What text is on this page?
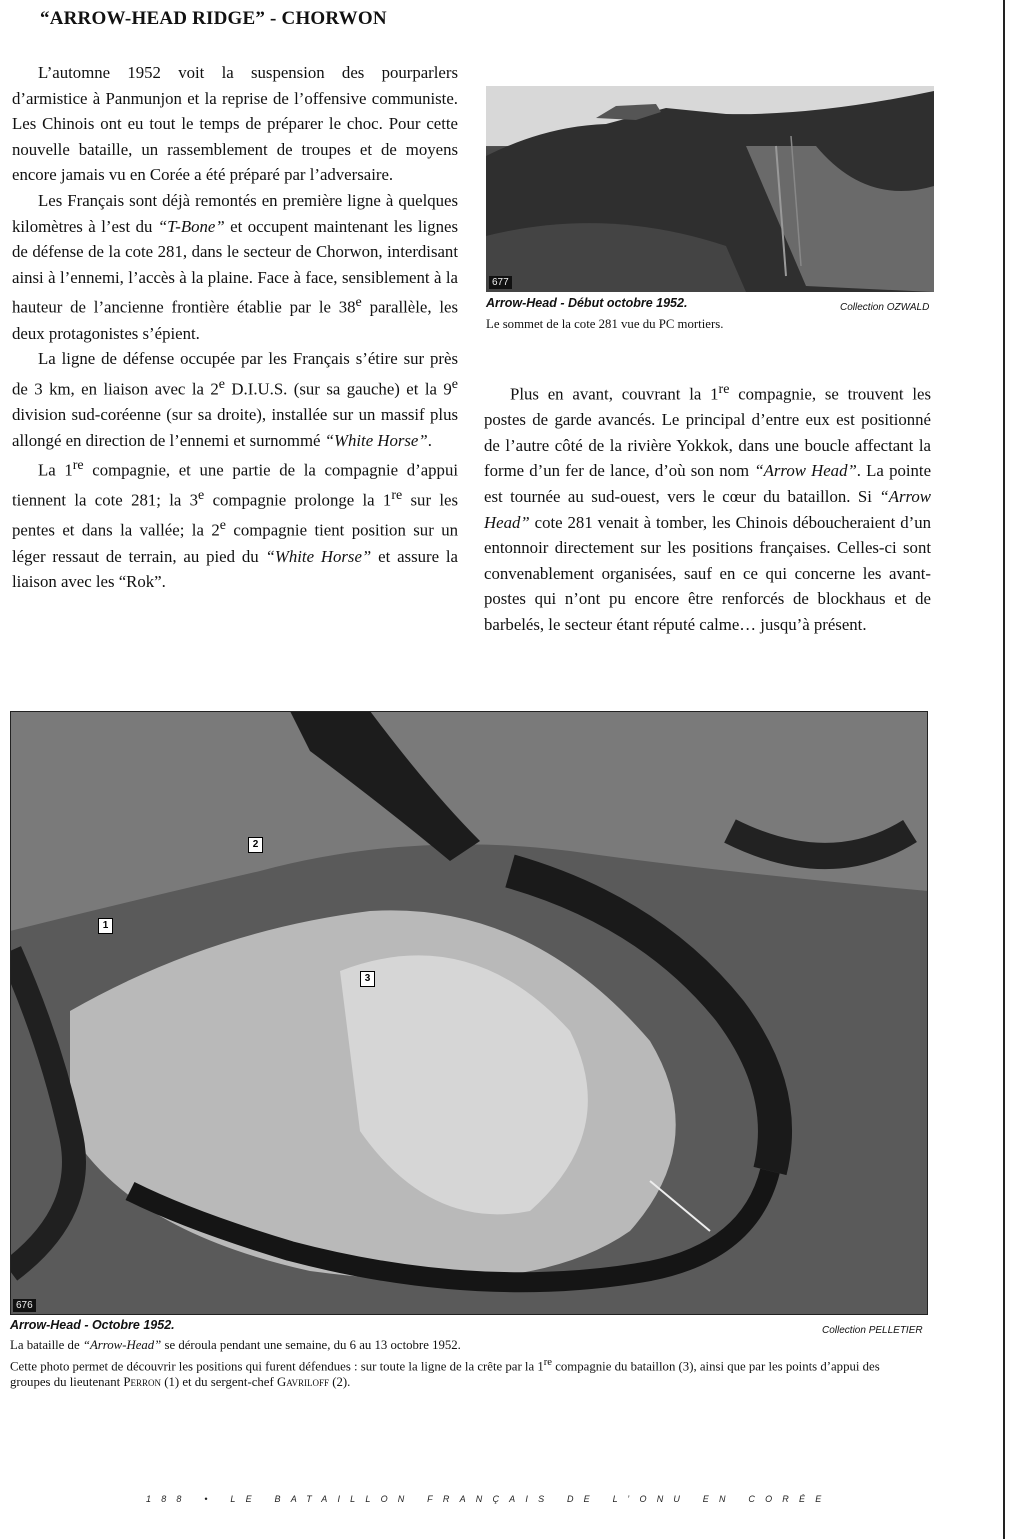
“ARROW-HEAD RIDGE” - CHORWON

L’automne 1952 voit la suspension des pourparlers d’armistice à Panmunjon et la reprise de l’offensive communiste. Les Chinois ont eu tout le temps de préparer le choc. Pour cette nouvelle bataille, un rassemblement de troupes et de moyens encore jamais vu en Corée a été préparé par l’adversaire.

Les Français sont déjà remontés en première ligne à quelques kilomètres à l’est du “T-Bone” et occupent maintenant les lignes de défense de la cote 281, dans le secteur de Chorwon, interdisant ainsi à l’ennemi, l’accès à la plaine. Face à face, sensiblement à la hauteur de l’ancienne frontière établie par le 38e parallèle, les deux protagonistes s’épient.

La ligne de défense occupée par les Français s’étire sur près de 3 km, en liaison avec la 2e D.I.U.S. (sur sa gauche) et la 9e division sud-coréenne (sur sa droite), installée sur un massif plus allongé en direction de l’ennemi et surnommé “White Horse”.

La 1re compagnie, et une partie de la compagnie d’appui tiennent la cote 281; la 3e compagnie prolonge la 1re sur les pentes et dans la vallée; la 2e compagnie tient position sur un léger ressaut de terrain, au pied du “White Horse” et assure la liaison avec les “Rok”.

677
Arrow-Head - Début octobre 1952.	Collection OZWALD
Le sommet de la cote 281 vue du PC mortiers.

Plus en avant, couvrant la 1re compagnie, se trouvent les postes de garde avancés. Le principal d’entre eux est positionné de l’autre côté de la rivière Yokkok, dans une boucle affectant la forme d’un fer de lance, d’où son nom “Arrow Head”. La pointe est tournée au sud-ouest, vers le cœur du bataillon. Si “Arrow Head” cote 281 venait à tomber, les Chinois déboucheraient d’un entonnoir directement sur les positions françaises. Celles-ci sont convenablement organisées, sauf en ce qui concerne les avant-postes qui n’ont pu encore être renforcés de blockhaus et de barbelés, le secteur étant réputé calme… jusqu’à présent.

1
2
3
676
Arrow-Head - Octobre 1952.	Collection PELLETIER
La bataille de “Arrow-Head” se déroula pendant une semaine, du 6 au 13 octobre 1952.
Cette photo permet de découvrir les positions qui furent défendues : sur toute la ligne de la crête par la 1re compagnie du bataillon (3), ainsi que par les points d’appui des groupes du lieutenant Perron (1) et du sergent-chef Gavriloff (2).
188 • LE BATAILLON FRANÇAIS DE L’ONU EN CORÉE
